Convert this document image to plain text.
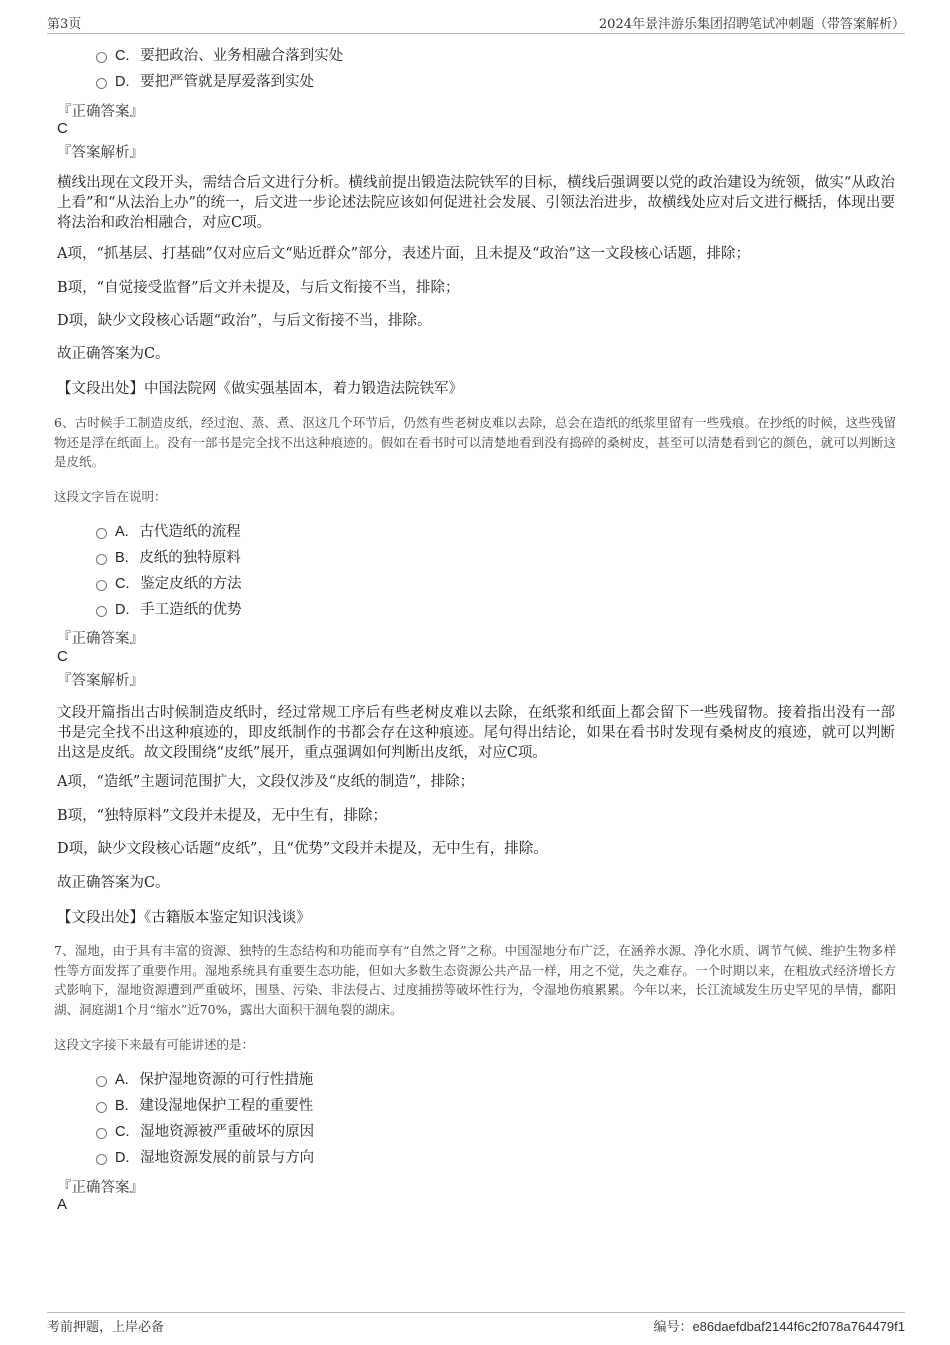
第3页	2024年景沣游乐集团招聘笔试冲刺题（带答案解析）
C. 要把政治、业务相融合落到实处
D. 要把严管就是厚爱落到实处
『正确答案』
C
『答案解析』
横线出现在文段开头，需结合后文进行分析。横线前提出锻造法院铁军的目标，横线后强调要以党的政治建设为统领，做实“从政治上看”和“从法治上办”的统一，后文进一步论述法院应该如何促进社会发展、引领法治进步，故横线处应对后文进行概括，体现出要将法治和政治相融合，对应C项。
A项，“抓基层、打基础”仅对应后文“贴近群众”部分，表述片面，且未提及“政治”这一文段核心话题，排除；
B项，“自觉接受监督”后文并未提及，与后文衔接不当，排除；
D项，缺少文段核心话题“政治”，与后文衔接不当，排除。
故正确答案为C。
【文段出处】中国法院网《做实强基固本，着力锻造法院铁军》
6、古时候手工制造皮纸，经过泡、蒸、煮、沤这几个环节后，仍然有些老树皮难以去除，总会在造纸的纸浆里留有一些残痕。在抄纸的时候，这些残留物还是浮在纸面上。没有一部书是完全找不出这种痕迹的。假如在看书时可以清楚地看到没有捣碎的桑树皮，甚至可以清楚看到它的颜色，就可以判断这是皮纸。
这段文字旨在说明：
A. 古代造纸的流程
B. 皮纸的独特原料
C. 鉴定皮纸的方法
D. 手工造纸的优势
『正确答案』
C
『答案解析』
文段开篇指出古时候制造皮纸时，经过常规工序后有些老树皮难以去除，在纸浆和纸面上都会留下一些残留物。接着指出没有一部书是完全找不出这种痕迹的，即皮纸制作的书都会存在这种痕迹。尾句得出结论，如果在看书时发现有桑树皮的痕迹，就可以判断出这是皮纸。故文段围绕“皮纸”展开，重点强调如何判断出皮纸，对应C项。
A项，“造纸”主题词范围扩大，文段仅涉及“皮纸的制造”，排除；
B项，“独特原料”文段并未提及，无中生有，排除；
D项，缺少文段核心话题“皮纸”，且“优势”文段并未提及，无中生有，排除。
故正确答案为C。
【文段出处】《古籍版本鉴定知识浅谈》
7、湿地，由于具有丰富的资源、独特的生态结构和功能而享有“自然之肾”之称。中国湿地分布广泛，在涵养水源、净化水质、调节气候、维护生物多样性等方面发挥了重要作用。湿地系统具有重要生态功能，但如大多数生态资源公共产品一样，用之不觉，失之难存。一个时期以来，在粗放式经济增长方式影响下，湿地资源遭到严重破坏，围垦、污染、非法侵占、过度捕捞等破坏性行为，令湿地伤痕累累。今年以来，长江流域发生历史罕见的旱情，鄱阳湖、洞庭湖1个月“缩水”近70%，露出大面积干涸龟裂的湖床。
这段文字接下来最有可能讲述的是：
A. 保护湿地资源的可行性措施
B. 建设湿地保护工程的重要性
C. 湿地资源被严重破坏的原因
D. 湿地资源发展的前景与方向
『正确答案』
A
考前押题，上岸必备	编号：e86daefdbaf2144f6c2f078a764479f1
